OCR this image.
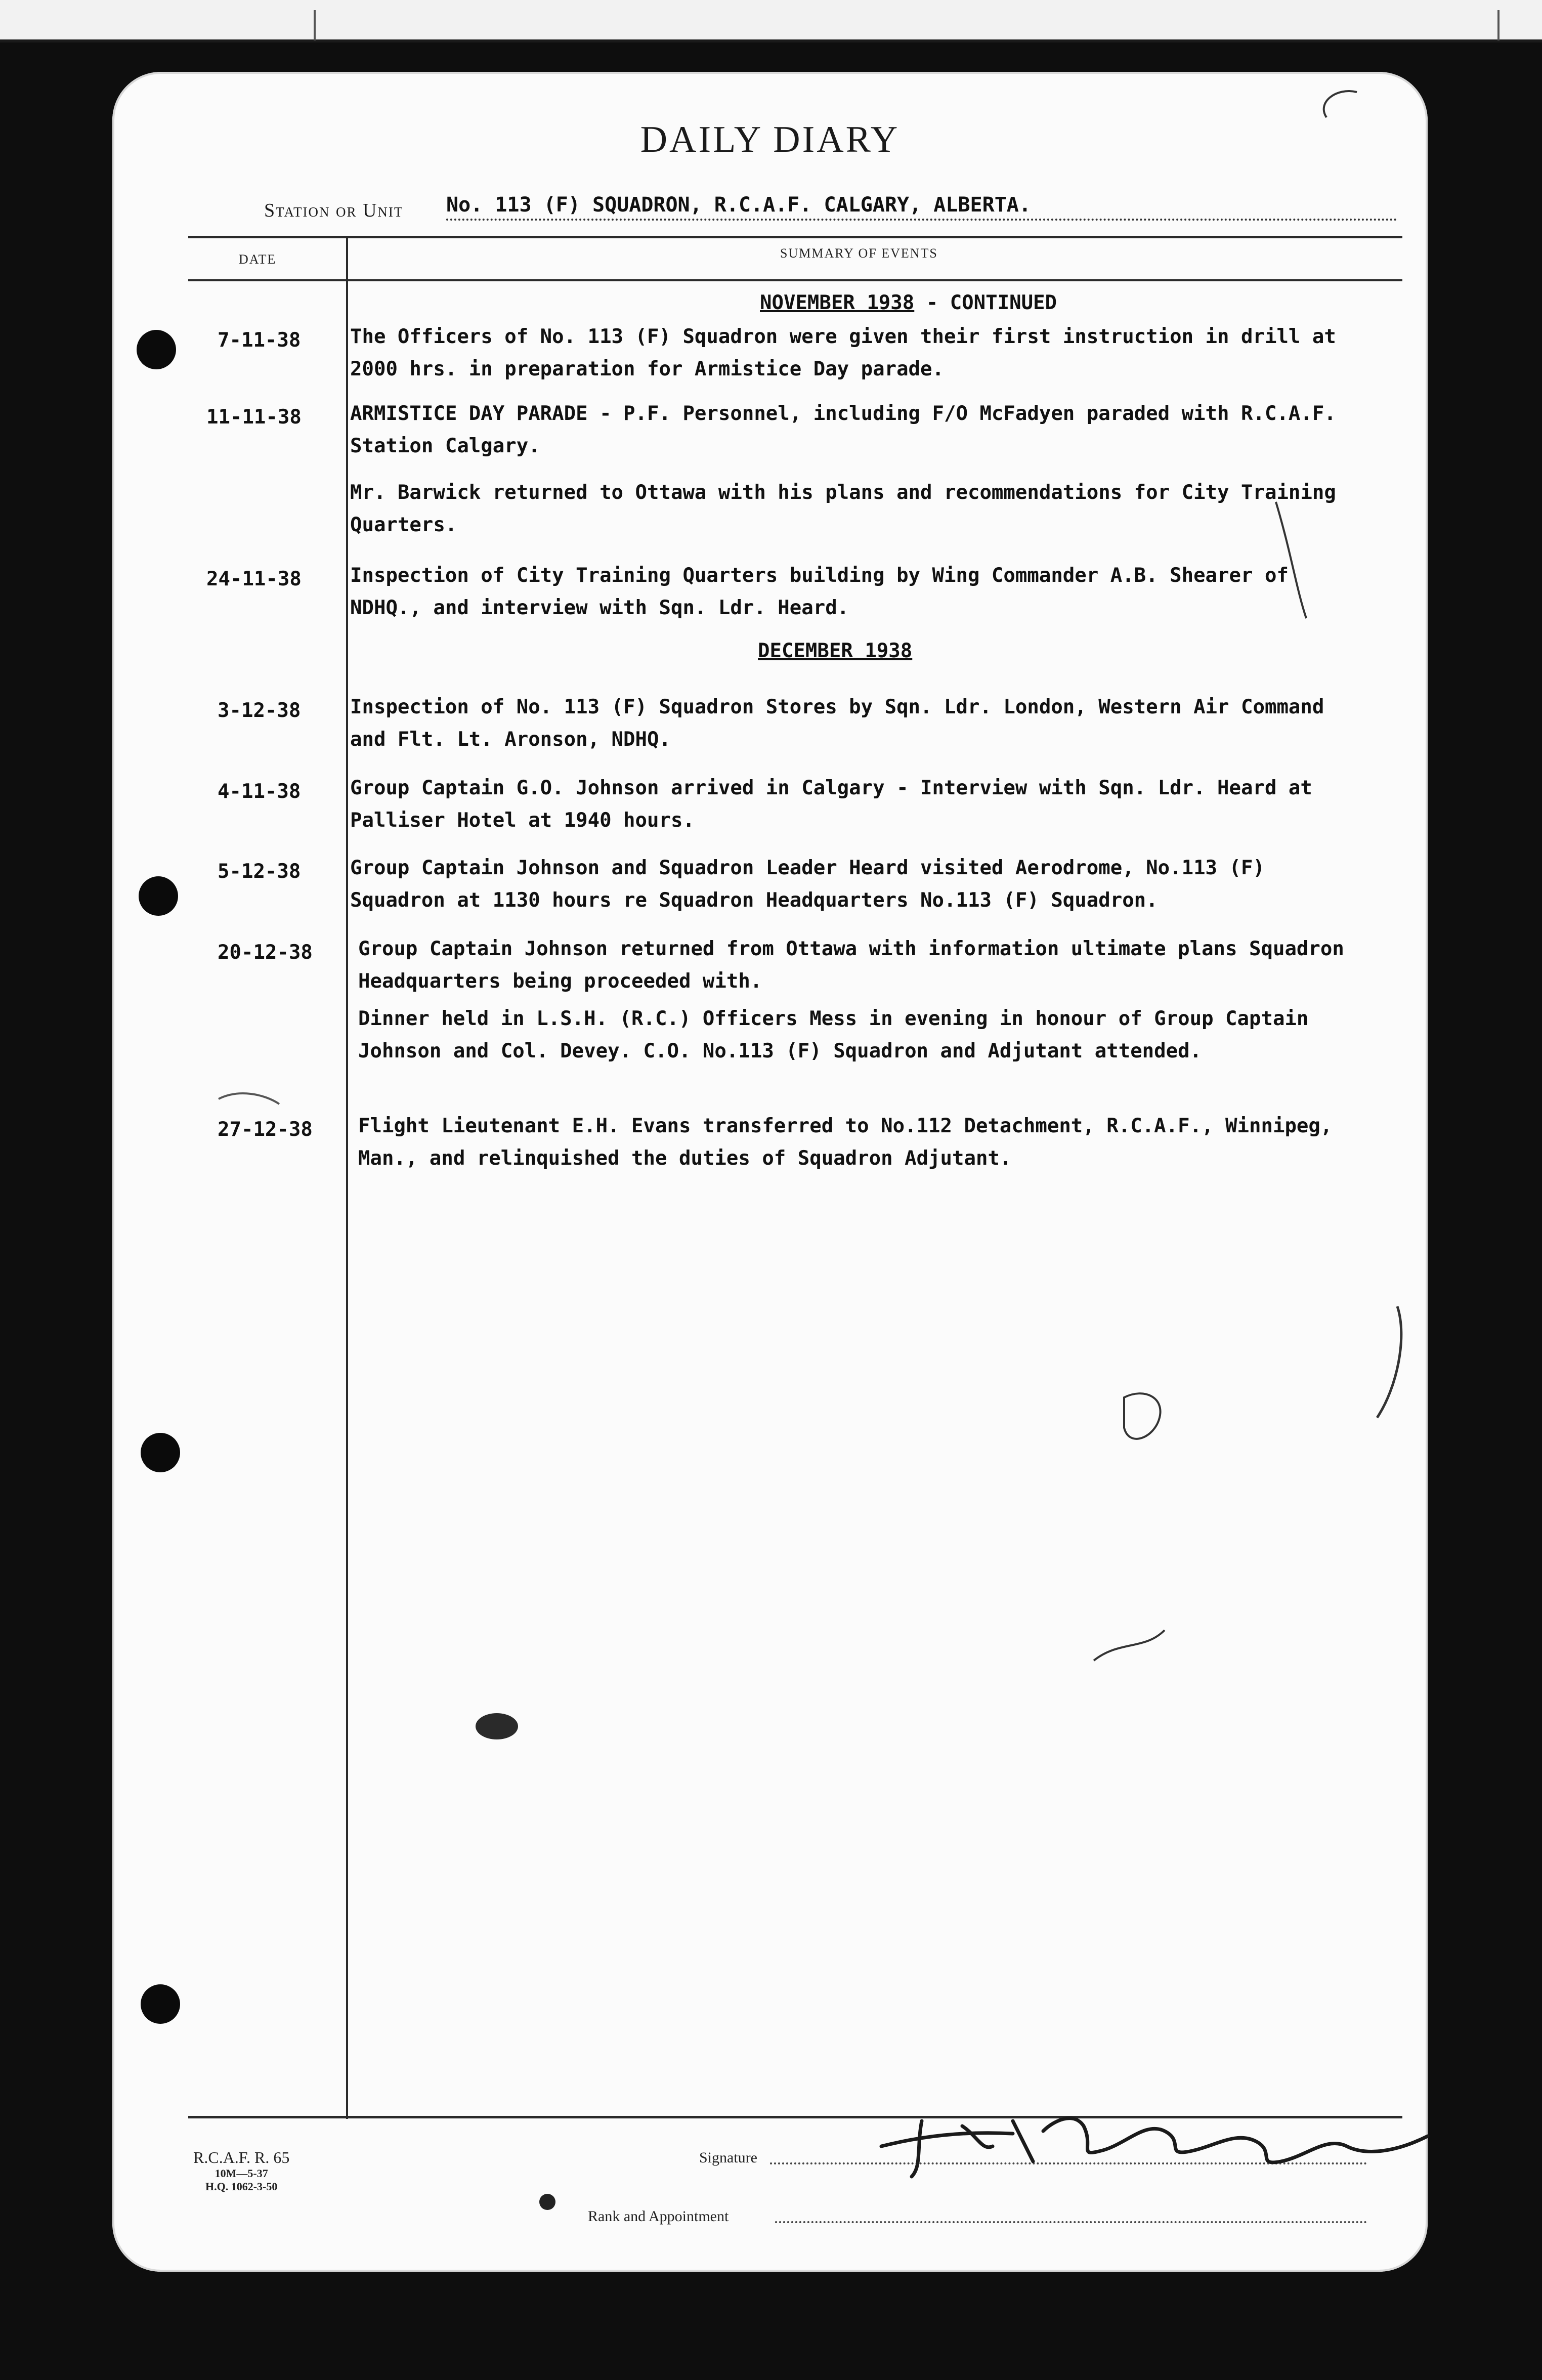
DAILY DIARY
Station or Unit No. 113 (F) SQUADRON, R.C.A.F. CALGARY, ALBERTA.
DATE	SUMMARY OF EVENTS
NOVEMBER 1938 - CONTINUED
7-11-38	The Officers of No. 113 (F) Squadron were given their first instruction in drill at 2000 hrs. in preparation for Armistice Day parade.
11-11-38 ARMISTICE DAY PARADE - P.F. Personnel, including F/O McFadyen paraded with R.C.A.F. Station Calgary.
Mr. Barwick returned to Ottawa with his plans and recommendations for City Training Quarters.
24-11-38 Inspection of City Training Quarters building by Wing Commander A.B. Shearer of NDHQ., and interview with Sqn. Ldr. Heard.
DECEMBER 1938
3-12-38	Inspection of No. 113 (F) Squadron Stores by Sqn. Ldr. London, Western Air Command and Flt. Lt. Aronson, NDHQ.
4-11-38	Group Captain G.O. Johnson arrived in Calgary - Interview with Sqn. Ldr. Heard at Palliser Hotel at 1940 hours.
5-12-38	Group Captain Johnson and Squadron Leader Heard visited Aerodrome, No.113 (F) Squadron at 1130 hours re Squadron Headquarters No.113 (F) Squadron.
20-12-38 Group Captain Johnson returned from Ottawa with information ultimate plans Squadron Headquarters being proceeded with.
Dinner held in L.S.H. (R.C.) Officers Mess in evening in honour of Group Captain Johnson and Col. Devey. C.O. No.113 (F) Squadron and Adjutant attended.
27-12-38 Flight Lieutenant E.H. Evans transferred to No.112 Detachment, R.C.A.F., Winnipeg, Man., and relinquished the duties of Squadron Adjutant.
R.C.A.F. R. 65
10M—5-37
H.Q. 1062-3-50
Signature
Rank and Appointment
